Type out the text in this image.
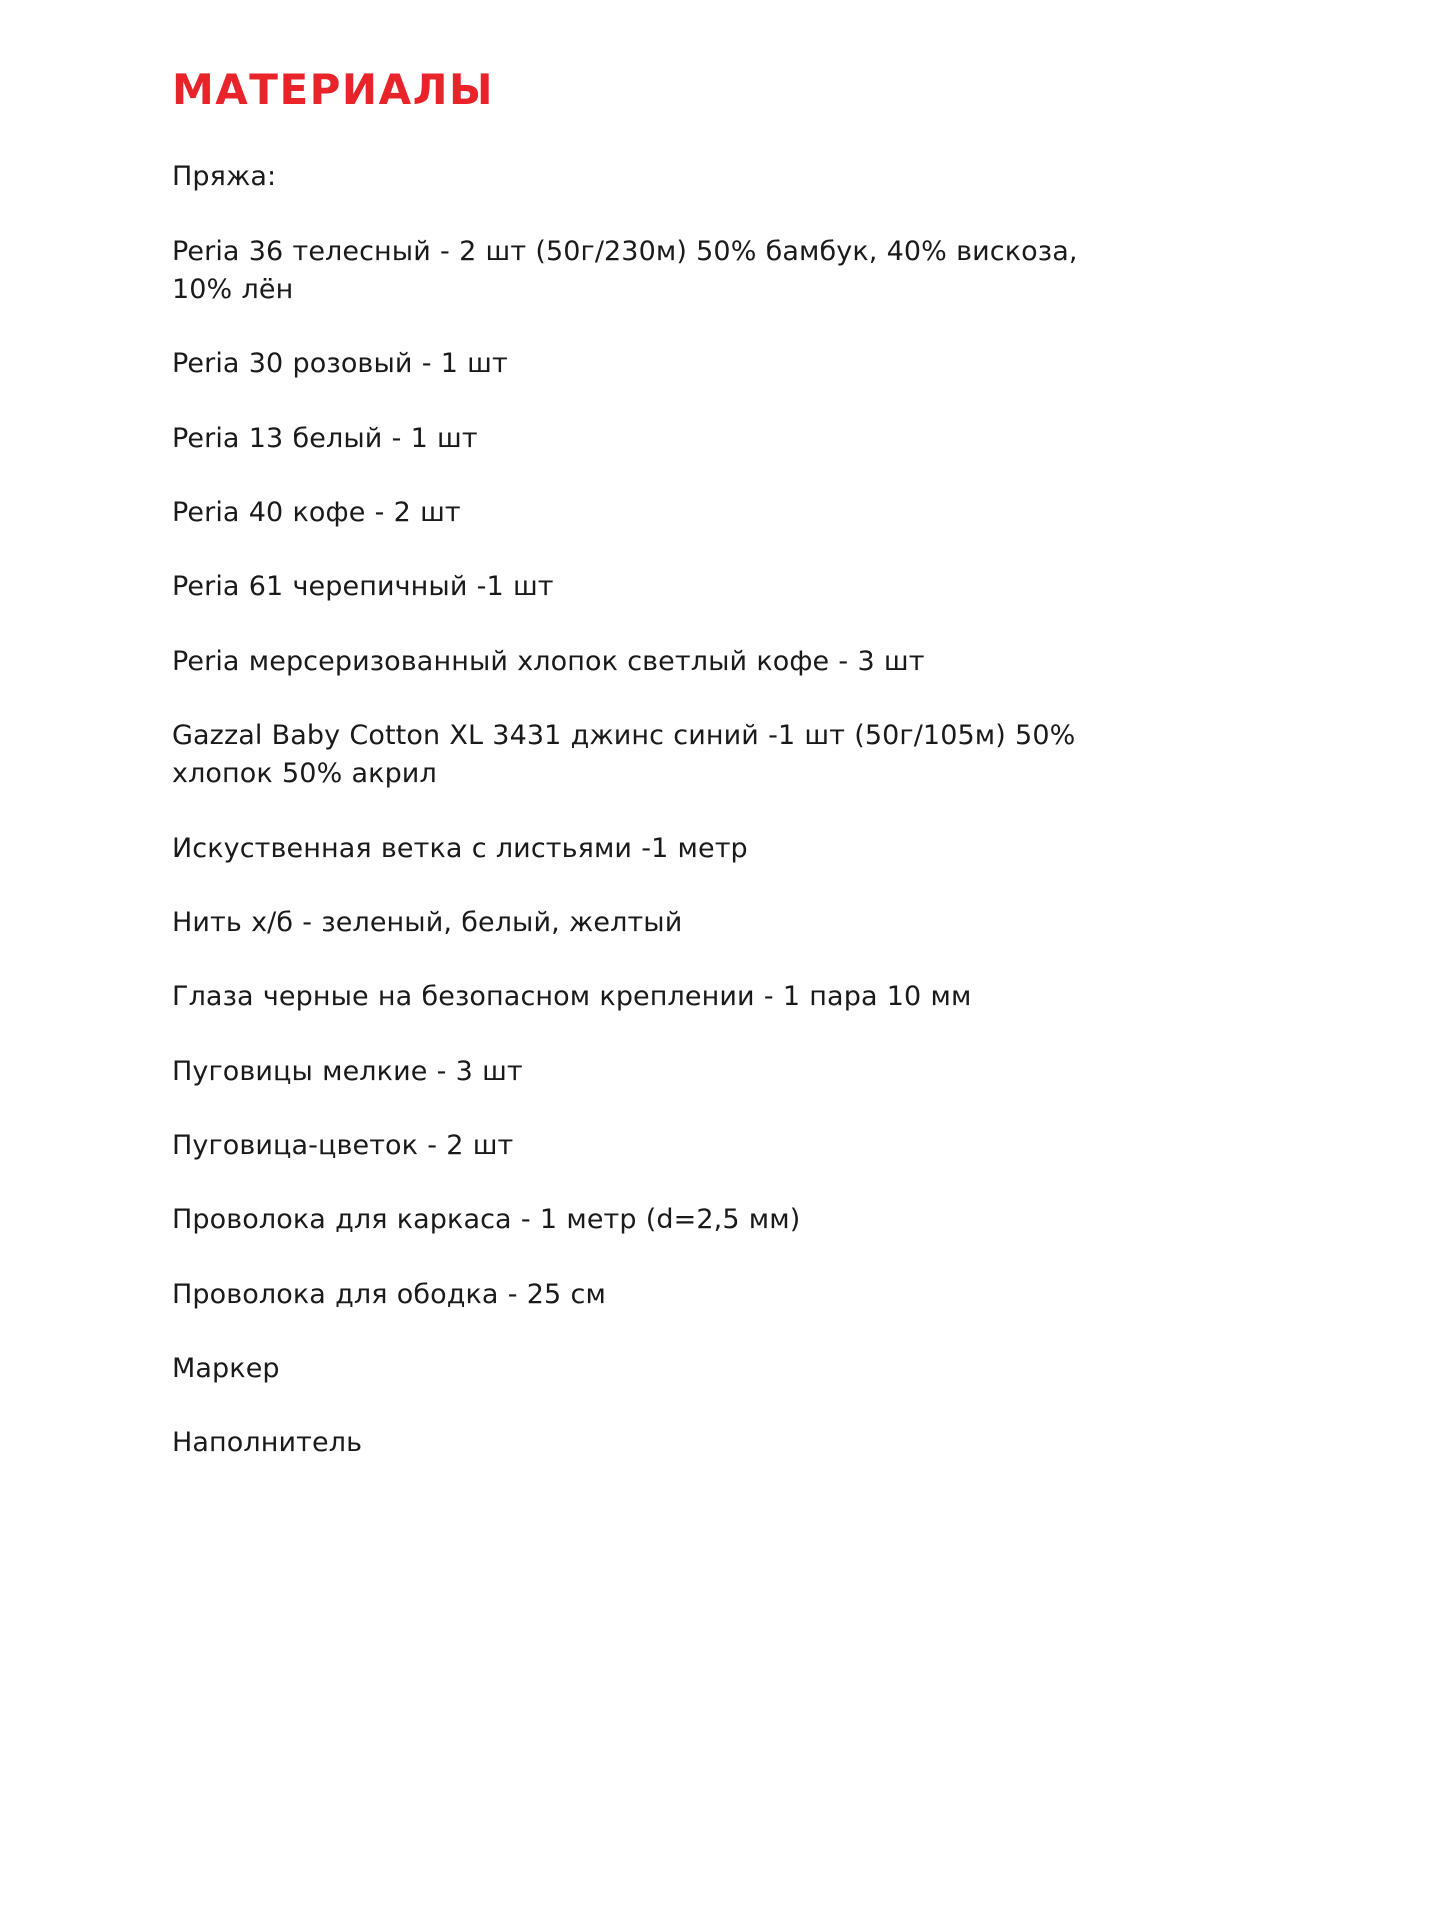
МАТЕРИАЛЫ

Пряжа:

Peria 36 телесный - 2 шт (50г/230м) 50% бамбук, 40% вискоза, 10% лён

Peria 30 розовый - 1 шт

Peria 13 белый - 1 шт

Peria 40 кофе - 2 шт

Peria 61 черепичный -1 шт

Peria мерсеризованный хлопок светлый кофе - 3 шт

Gazzal Baby Cotton XL 3431 джинс синий -1 шт (50г/105м) 50% хлопок 50% акрил

Искуственная ветка с листьями -1 метр

Нить х/б - зеленый, белый, желтый

Глаза черные на безопасном креплении - 1 пара 10 мм

Пуговицы мелкие - 3 шт

Пуговица-цветок - 2 шт

Проволока для каркаса - 1 метр (d=2,5 мм)

Проволока для ободка - 25 см

Маркер

Наполнитель
